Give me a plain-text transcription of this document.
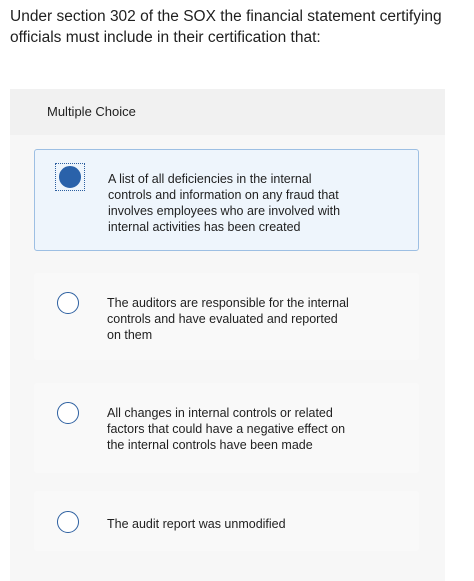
Under section 302 of the SOX the financial statement certifying officials must include in their certification that:
Multiple Choice
A list of all deficiencies in the internal controls and information on any fraud that involves employees who are involved with internal activities has been created
The auditors are responsible for the internal controls and have evaluated and reported on them
All changes in internal controls or related factors that could have a negative effect on the internal controls have been made
The audit report was unmodified
